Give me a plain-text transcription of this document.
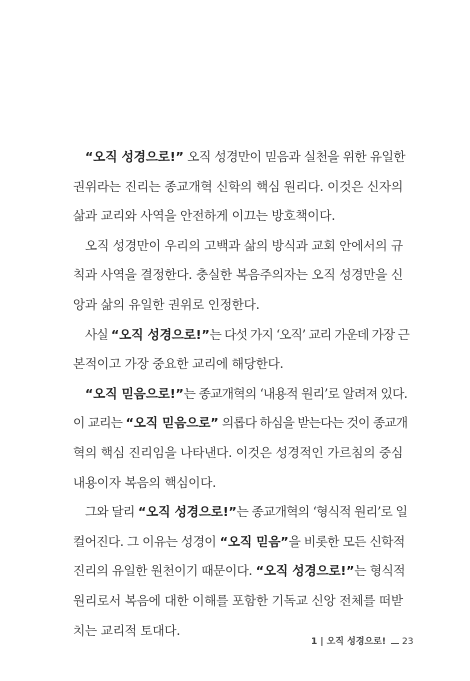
“오직 성경으로!” 오직 성경만이 믿음과 실천을 위한 유일한
권위라는 진리는 종교개혁 신학의 핵심 원리다. 이것은 신자의
삶과 교리와 사역을 안전하게 이끄는 방호책이다.
오직 성경만이 우리의 고백과 삶의 방식과 교회 안에서의 규
칙과 사역을 결정한다. 충실한 복음주의자는 오직 성경만을 신
앙과 삶의 유일한 권위로 인정한다.
사실 “오직 성경으로!”는 다섯 가지 ‘오직’ 교리 가운데 가장 근
본적이고 가장 중요한 교리에 해당한다.
“오직 믿음으로!”는 종교개혁의 ‘내용적 원리’로 알려져 있다.
이 교리는 “오직 믿음으로” 의롭다 하심을 받는다는 것이 종교개
혁의 핵심 진리임을 나타낸다. 이것은 성경적인 가르침의 중심
내용이자 복음의 핵심이다.
그와 달리 “오직 성경으로!”는 종교개혁의 ‘형식적 원리’로 일
컬어진다. 그 이유는 성경이 “오직 믿음”을 비롯한 모든 신학적
진리의 유일한 원천이기 때문이다. “오직 성경으로!”는 형식적
원리로서 복음에 대한 이해를 포함한 기독교 신앙 전체를 떠받
치는 교리적 토대다.
1 | 오직 성경으로! 23
